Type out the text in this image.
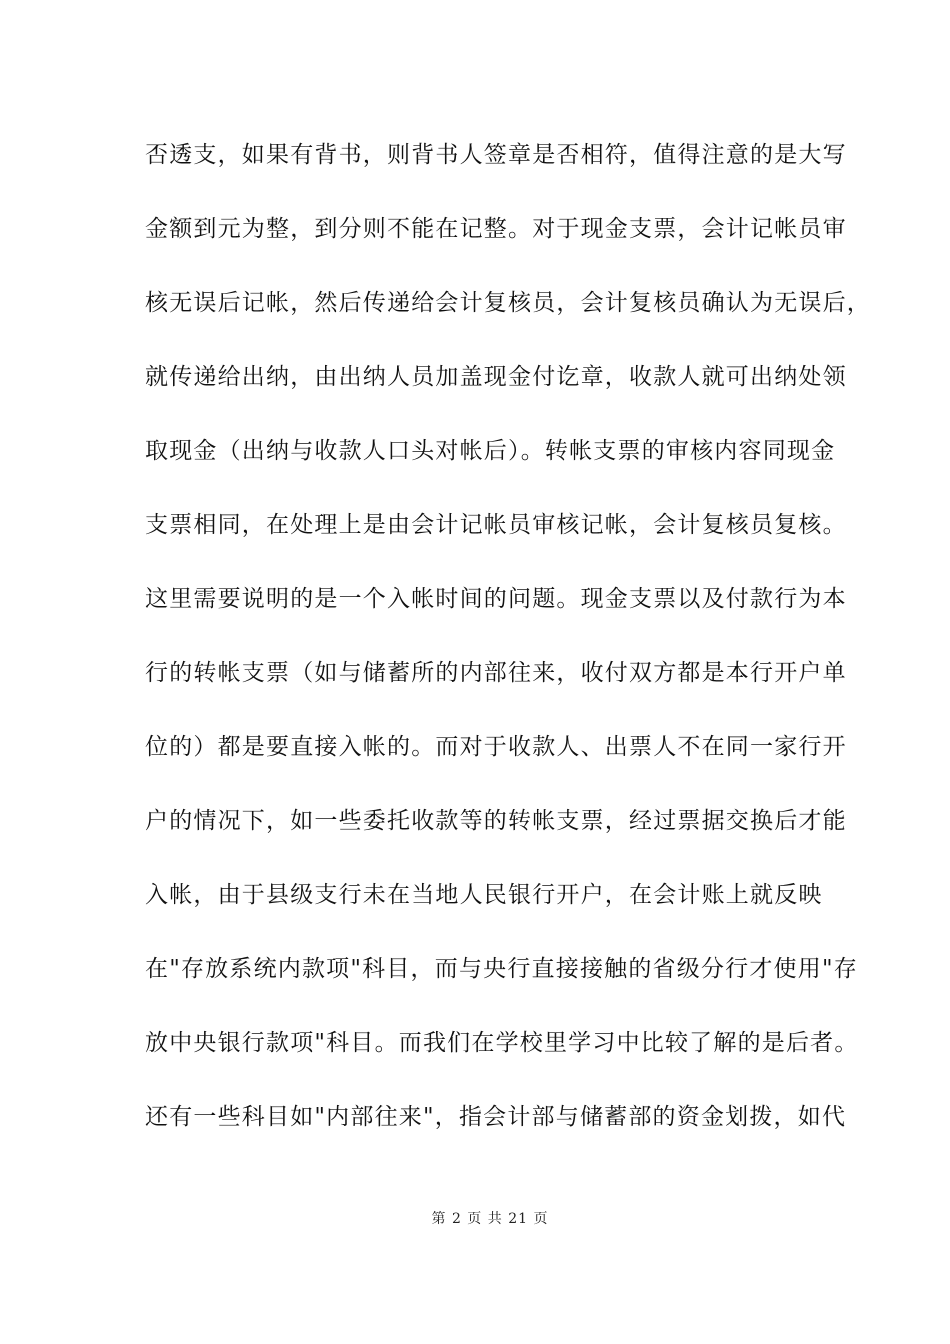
否透支，如果有背书，则背书人签章是否相符，值得注意的是大写
金额到元为整，到分则不能在记整。对于现金支票，会计记帐员审
核无误后记帐，然后传递给会计复核员，会计复核员确认为无误后，
就传递给出纳，由出纳人员加盖现金付讫章，收款人就可出纳处领
取现金（出纳与收款人口头对帐后）。转帐支票的审核内容同现金
支票相同，在处理上是由会计记帐员审核记帐，会计复核员复核。
这里需要说明的是一个入帐时间的问题。现金支票以及付款行为本
行的转帐支票（如与储蓄所的内部往来，收付双方都是本行开户单
位的）都是要直接入帐的。而对于收款人、出票人不在同一家行开
户的情况下，如一些委托收款等的转帐支票，经过票据交换后才能
入帐，由于县级支行未在当地人民银行开户，在会计账上就反映
在"存放系统内款项"科目，而与央行直接接触的省级分行才使用"存
放中央银行款项"科目。而我们在学校里学习中比较了解的是后者。
还有一些科目如"内部往来"，指会计部与储蓄部的资金划拨，如代
第 2 页 共 21 页
